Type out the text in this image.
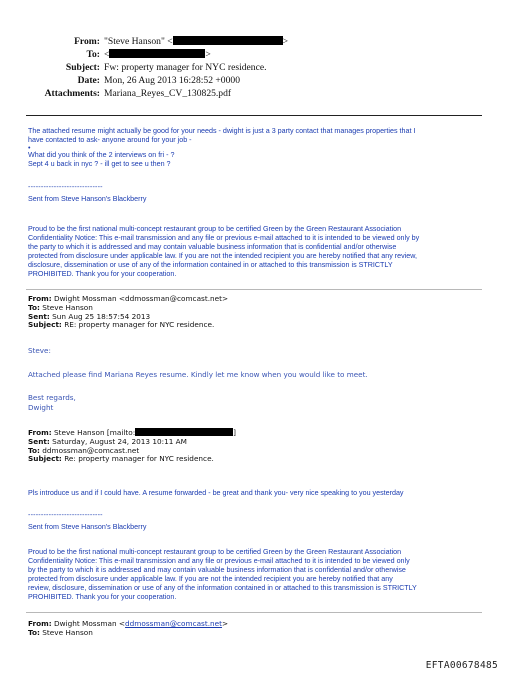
From: "Steve Hanson" <	>
To: <	>
Subject: Fw: property manager for NYC residence.
Date: Mon, 26 Aug 2013 16:28:52 +0000
Attachments: Mariana_Reyes_CV_130825.pdf
The attached resume might actually be good for your needs - dwight is just a 3 party contact that manages properties that I
have contacted to ask- anyone around for your job -
•
What did you think of the 2 interviews on fri - ?
Sept 4 u back in nyc ? - ill get to see u then ?
-----------------------------
Sent from Steve Hanson's Blackberry
Proud to be the first national multi-concept restaurant group to be certified Green by the Green Restaurant Association
Confidentiality Notice: This e-mail transmission and any file or previous e-mail attached to it is intended to be viewed only by
the party to which it is addressed and may contain valuable business information that is confidential and/or otherwise
protected from disclosure under applicable law. If you are not the intended recipient you are hereby notified that any review,
disclosure, dissemination or use of any of the information contained in or attached to this transmission is STRICTLY
PROHIBITED. Thank you for your cooperation.
From: Dwight Mossman <ddmossman@comcast.net>
To: Steve Hanson
Sent: Sun Aug 25 18:57:54 2013
Subject: RE: property manager for NYC residence.
Steve:
Attached please find Mariana Reyes resume. Kindly let me know when you would like to meet.
Best regards,
Dwight
From: Steve Hanson [mailto:	]
Sent: Saturday, August 24, 2013 10:11 AM
To: ddmossman@comcast.net
Subject: Re: property manager for NYC residence.
Pls introduce us and if I could have. A resume forwarded - be great and thank you- very nice speaking to you yesterday
-----------------------------
Sent from Steve Hanson's Blackberry
Proud to be the first national multi-concept restaurant group to be certified Green by the Green Restaurant Association
Confidentiality Notice: This e-mail transmission and any file or previous e-mail attached to it is intended to be viewed only
by the party to which it is addressed and may contain valuable business information that is confidential and/or otherwise
protected from disclosure under applicable law. If you are not the intended recipient you are hereby notified that any
review, disclosure, dissemination or use of any of the information contained in or attached to this transmission is STRICTLY
PROHIBITED. Thank you for your cooperation.
From: Dwight Mossman <ddmossman@comcast.net>
To: Steve Hanson
EFTA00678485
